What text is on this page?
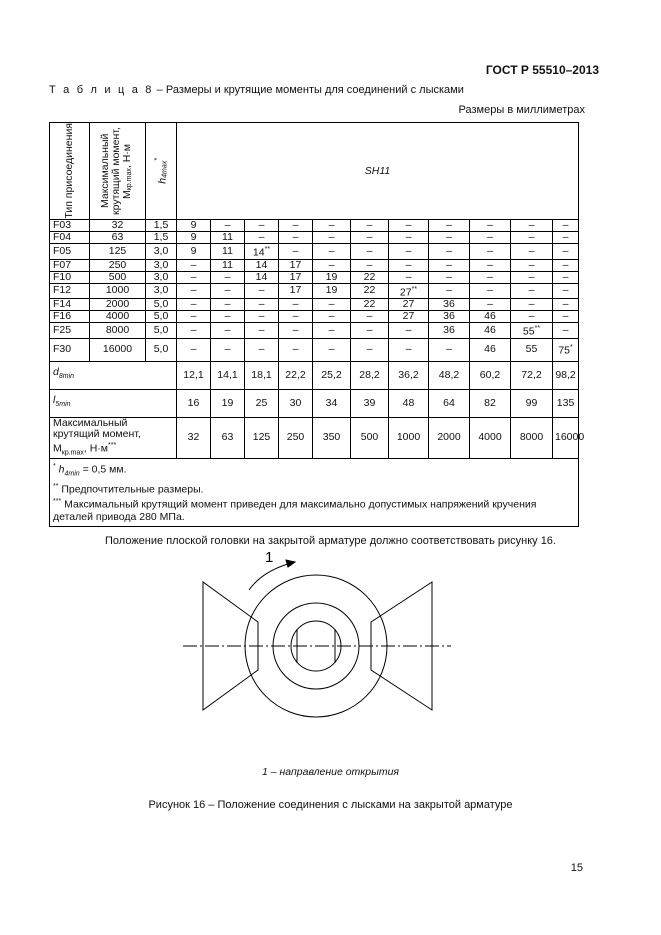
ГОСТ Р 55510–2013
Т а б л и ц а 8 – Размеры и крутящие моменты для соединений с лысками
Размеры в миллиметрах
Тип присоединения	Максимальный крутящий момент, $M_{кр.max}$, Н·м	$h_{4max}^*$	SH11										
F03	32	1,5	9	–	–	–	–	–	–	–	–	–	–
F04	63	1,5	9	11	–	–	–	–	–	–	–	–	–
F05	125	3,0	9	11	14**	–	–	–	–	–	–	–	–
F07	250	3,0	–	11	14	17	–	–	–	–	–	–	–
F10	500	3,0	–	–	14	17	19	22	–	–	–	–	–
F12	1000	3,0	–	–	–	17	19	22	27**	–	–	–	–
F14	2000	5,0	–	–	–	–	–	22	27	36	–	–	–
F16	4000	5,0	–	–	–	–	–	–	27	36	46	–	–
F25	8000	5,0	–	–	–	–	–	–	–	36	46	55**	–
F30	16000	5,0	–	–	–	–	–	–	–	–	46	55	75*
$d_{8min}$			12,1	14,1	18,1	22,2	25,2	28,2	36,2	48,2	60,2	72,2	98,2
$l_{5min}$			16	19	25	30	34	39	48	64	82	99	135
Максимальный крутящий момент, $M_{кр.max}$, Н·м***			32	63	125	250	350	500	1000	2000	4000	8000	16000

* $h_{4min} = 0,5$ мм.
** Предпочтительные размеры.
*** Максимальный крутящий момент приведен для максимально допустимых напряжений кручения деталей привода 280 МПа.													
Положение плоской головки на закрытой арматуре должно соответствовать рисунку 16.
1
1 – направление открытия
Рисунок 16 – Положение соединения с лысками на закрытой арматуре
15
